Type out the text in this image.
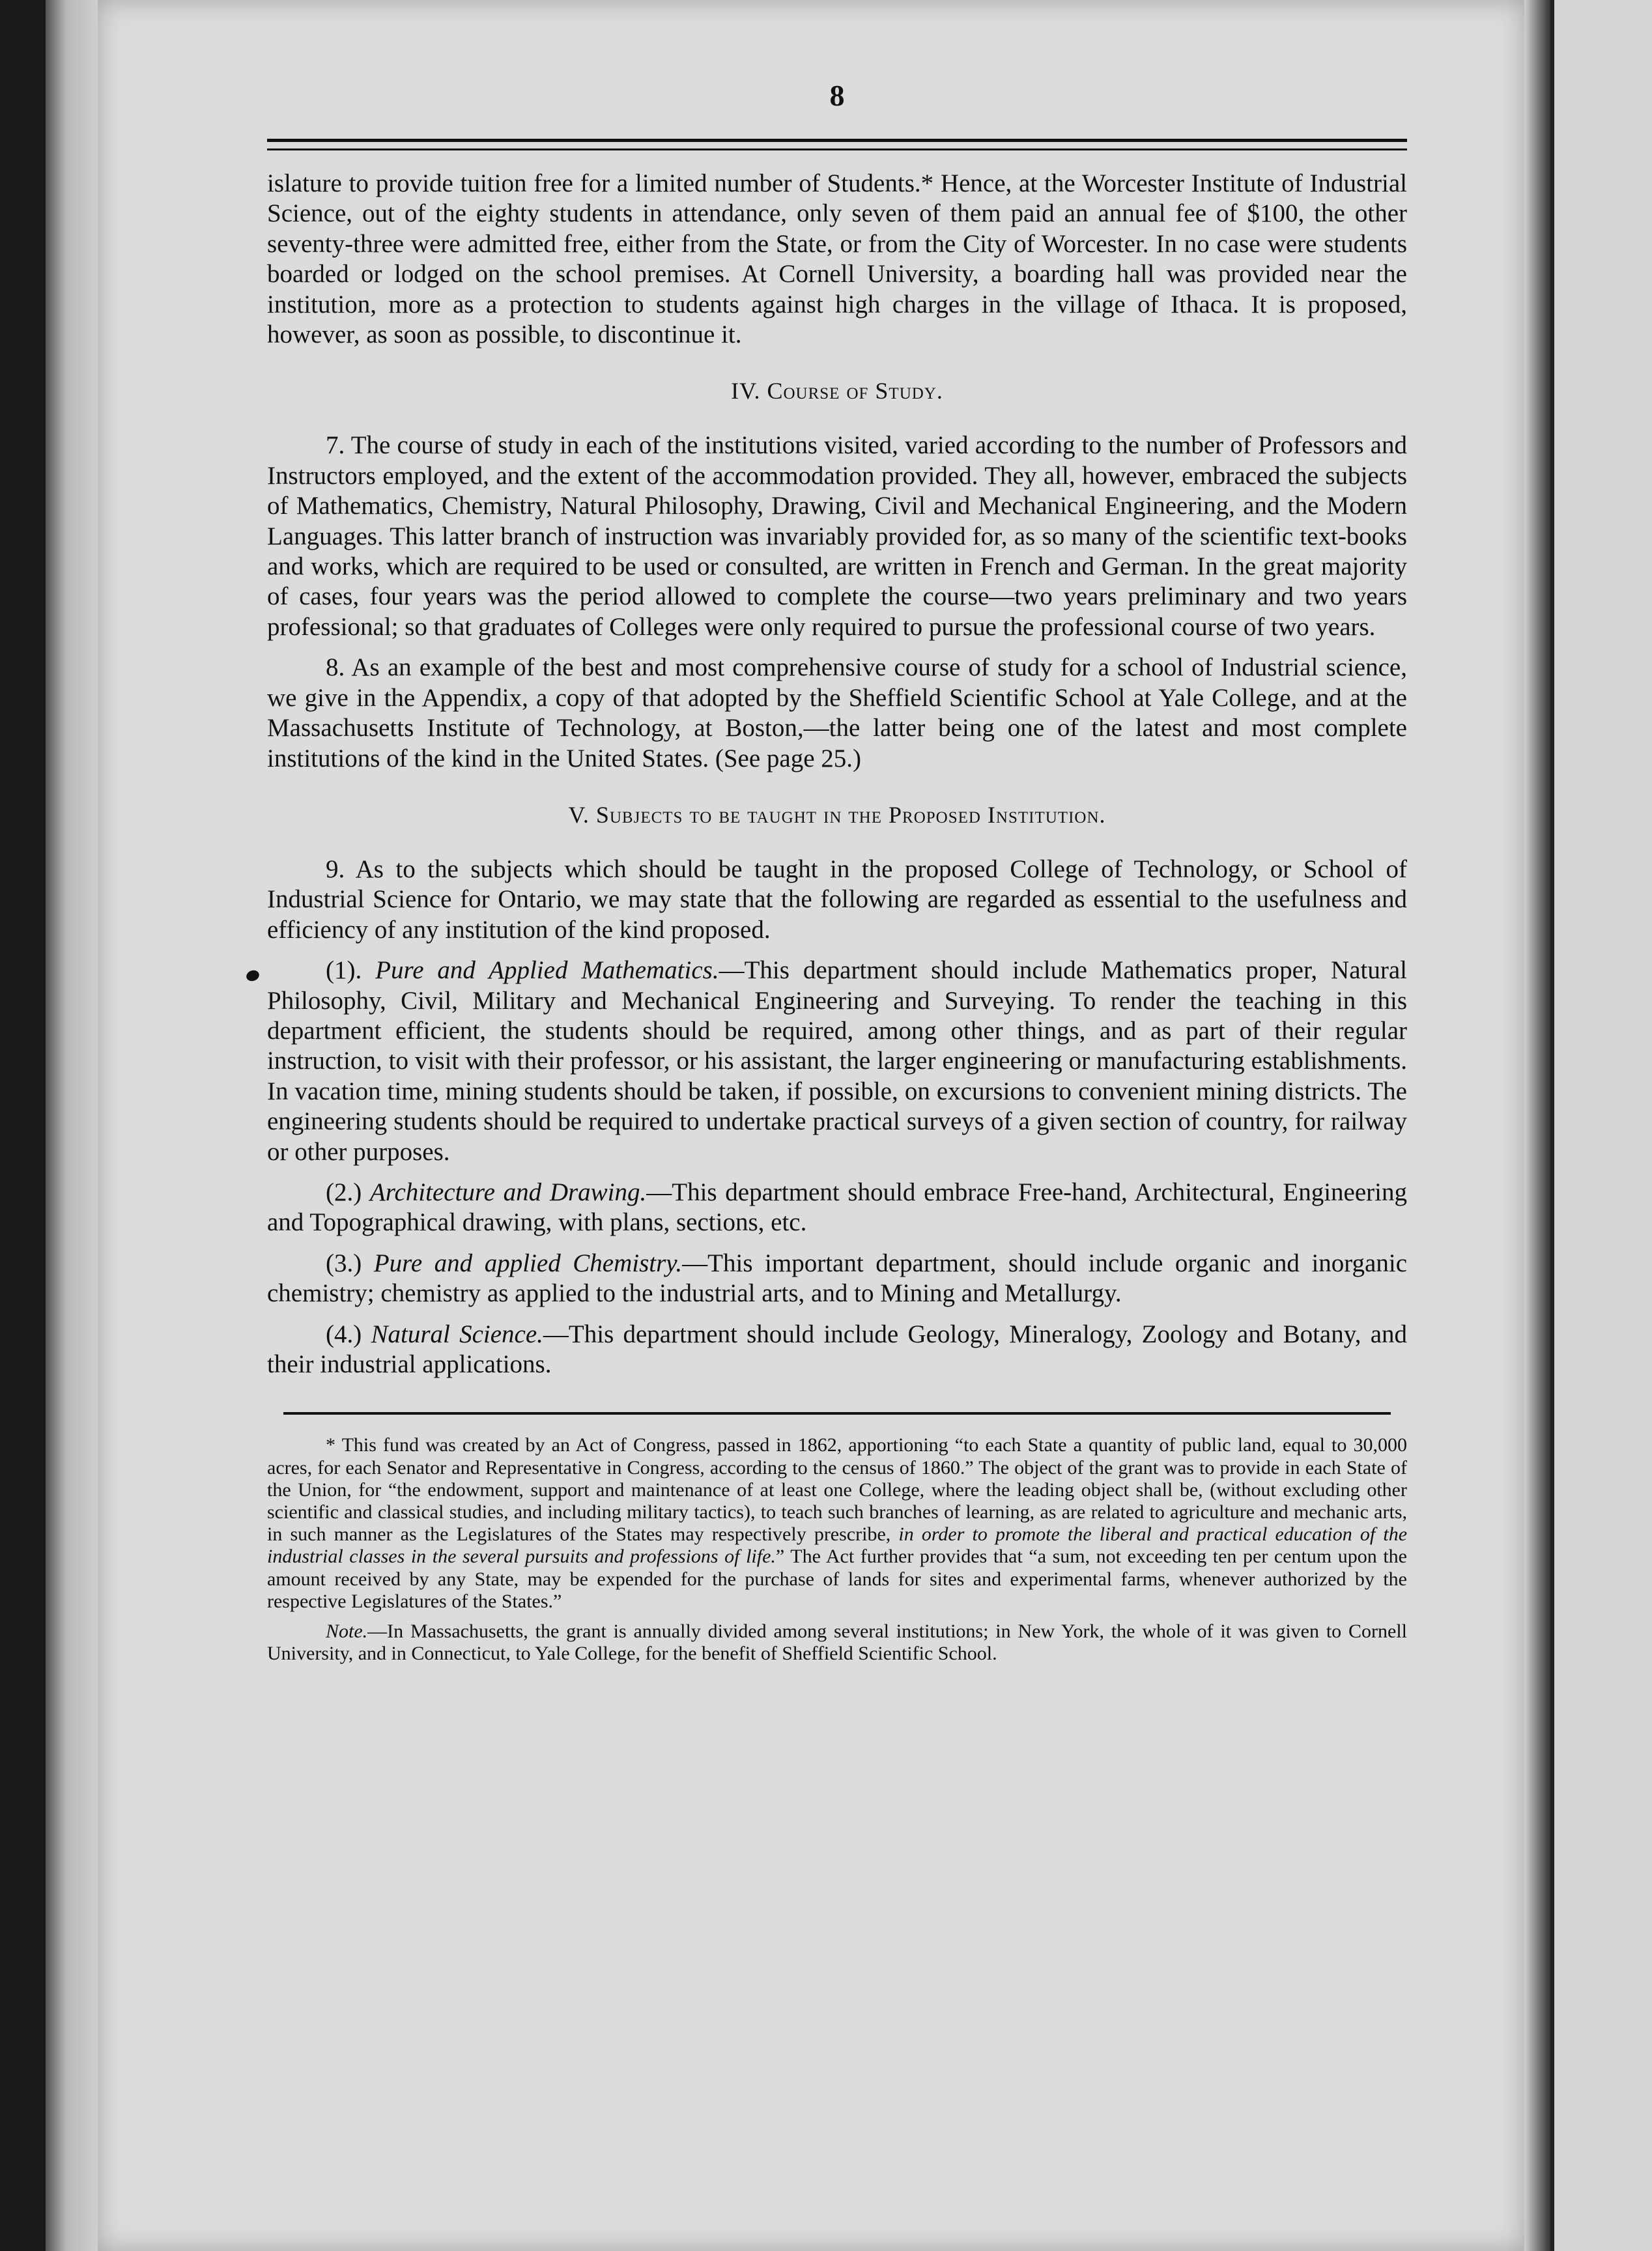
8

islature to provide tuition free for a limited number of Students.* Hence, at the Worcester Institute of Industrial Science, out of the eighty students in attendance, only seven of them paid an annual fee of $100, the other seventy-three were admitted free, either from the State, or from the City of Worcester. In no case were students boarded or lodged on the school premises. At Cornell University, a boarding hall was provided near the institution, more as a protection to students against high charges in the village of Ithaca. It is proposed, however, as soon as possible, to discontinue it.

IV. Course of Study.

7. The course of study in each of the institutions visited, varied according to the number of Professors and Instructors employed, and the extent of the accommodation provided. They all, however, embraced the subjects of Mathematics, Chemistry, Natural Philosophy, Drawing, Civil and Mechanical Engineering, and the Modern Languages. This latter branch of instruction was invariably provided for, as so many of the scientific text-books and works, which are required to be used or consulted, are written in French and German. In the great majority of cases, four years was the period allowed to complete the course—two years preliminary and two years professional; so that graduates of Colleges were only required to pursue the professional course of two years.

8. As an example of the best and most comprehensive course of study for a school of Industrial science, we give in the Appendix, a copy of that adopted by the Sheffield Scientific School at Yale College, and at the Massachusetts Institute of Technology, at Boston,—the latter being one of the latest and most complete institutions of the kind in the United States. (See page 25.)

V. Subjects to be taught in the Proposed Institution.

9. As to the subjects which should be taught in the proposed College of Technology, or School of Industrial Science for Ontario, we may state that the following are regarded as essential to the usefulness and efficiency of any institution of the kind proposed.

(1). Pure and Applied Mathematics.—This department should include Mathematics proper, Natural Philosophy, Civil, Military and Mechanical Engineering and Surveying. To render the teaching in this department efficient, the students should be required, among other things, and as part of their regular instruction, to visit with their professor, or his assistant, the larger engineering or manufacturing establishments. In vacation time, mining students should be taken, if possible, on excursions to convenient mining districts. The engineering students should be required to undertake practical surveys of a given section of country, for railway or other purposes.

(2.) Architecture and Drawing.—This department should embrace Free-hand, Architectural, Engineering and Topographical drawing, with plans, sections, etc.

(3.) Pure and applied Chemistry.—This important department, should include organic and inorganic chemistry; chemistry as applied to the industrial arts, and to Mining and Metallurgy.

(4.) Natural Science.—This department should include Geology, Mineralogy, Zoology and Botany, and their industrial applications.

* This fund was created by an Act of Congress, passed in 1862, apportioning “to each State a quantity of public land, equal to 30,000 acres, for each Senator and Representative in Congress, according to the census of 1860.” The object of the grant was to provide in each State of the Union, for “the endowment, support and maintenance of at least one College, where the leading object shall be, (without excluding other scientific and classical studies, and including military tactics), to teach such branches of learning, as are related to agriculture and mechanic arts, in such manner as the Legislatures of the States may respectively prescribe, in order to promote the liberal and practical education of the industrial classes in the several pursuits and professions of life.” The Act further provides that “a sum, not exceeding ten per centum upon the amount received by any State, may be expended for the purchase of lands for sites and experimental farms, whenever authorized by the respective Legislatures of the States.”

Note.—In Massachusetts, the grant is annually divided among several institutions; in New York, the whole of it was given to Cornell University, and in Connecticut, to Yale College, for the benefit of Sheffield Scientific School.
